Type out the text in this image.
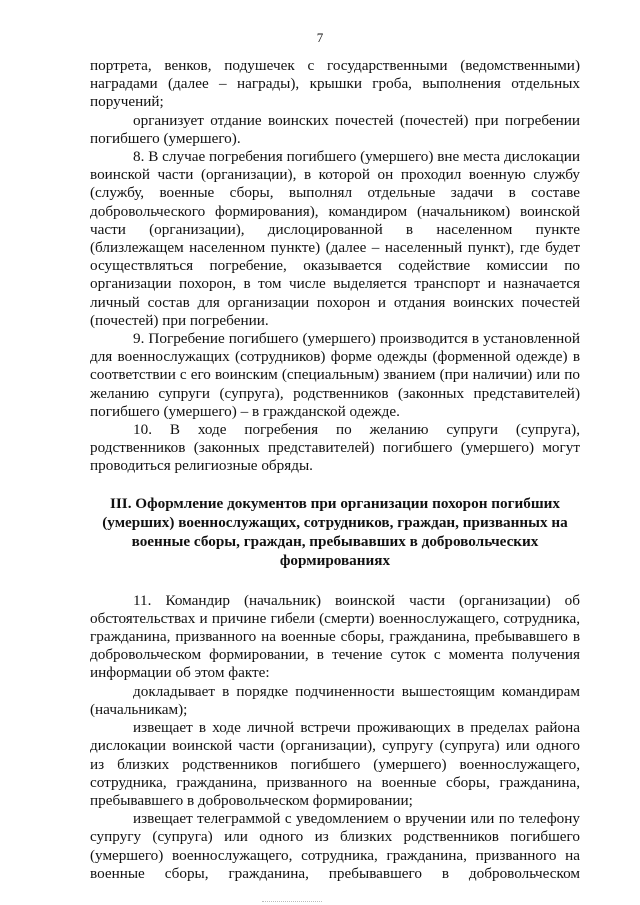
7

портрета, венков, подушечек с государственными (ведомственными) наградами (далее – награды), крышки гроба, выполнения отдельных поручений;

организует отдание воинских почестей (почестей) при погребении погибшего (умершего).

8. В случае погребения погибшего (умершего) вне места дислокации воинской части (организации), в которой он проходил военную службу (службу, военные сборы, выполнял отдельные задачи в составе добровольческого формирования), командиром (начальником) воинской части (организации), дислоцированной в населенном пункте (близлежащем населенном пункте) (далее – населенный пункт), где будет осуществляться погребение, оказывается содействие комиссии по организации похорон, в том числе выделяется транспорт и назначается личный состав для организации похорон и отдания воинских почестей (почестей) при погребении.

9. Погребение погибшего (умершего) производится в установленной для военнослужащих (сотрудников) форме одежды (форменной одежде) в соответствии с его воинским (специальным) званием (при наличии) или по желанию супруги (супруга), родственников (законных представителей) погибшего (умершего) – в гражданской одежде.

10. В ходе погребения по желанию супруги (супруга), родственников (законных представителей) погибшего (умершего) могут проводиться религиозные обряды.

III. Оформление документов при организации похорон погибших (умерших) военнослужащих, сотрудников, граждан, призванных на военные сборы, граждан, пребывавших в добровольческих формированиях

11. Командир (начальник) воинской части (организации) об обстоятельствах и причине гибели (смерти) военнослужащего, сотрудника, гражданина, призванного на военные сборы, гражданина, пребывавшего в добровольческом формировании, в течение суток с момента получения информации об этом факте:

докладывает в порядке подчиненности вышестоящим командирам (начальникам);

извещает в ходе личной встречи проживающих в пределах района дислокации воинской части (организации), супругу (супруга) или одного из близких родственников погибшего (умершего) военнослужащего, сотрудника, гражданина, призванного на военные сборы, гражданина, пребывавшего в добровольческом формировании;

извещает телеграммой с уведомлением о вручении или по телефону супругу (супруга) или одного из близких родственников погибшего (умершего) военнослужащего, сотрудника, гражданина, призванного на военные сборы, гражданина, пребывавшего в добровольческом
